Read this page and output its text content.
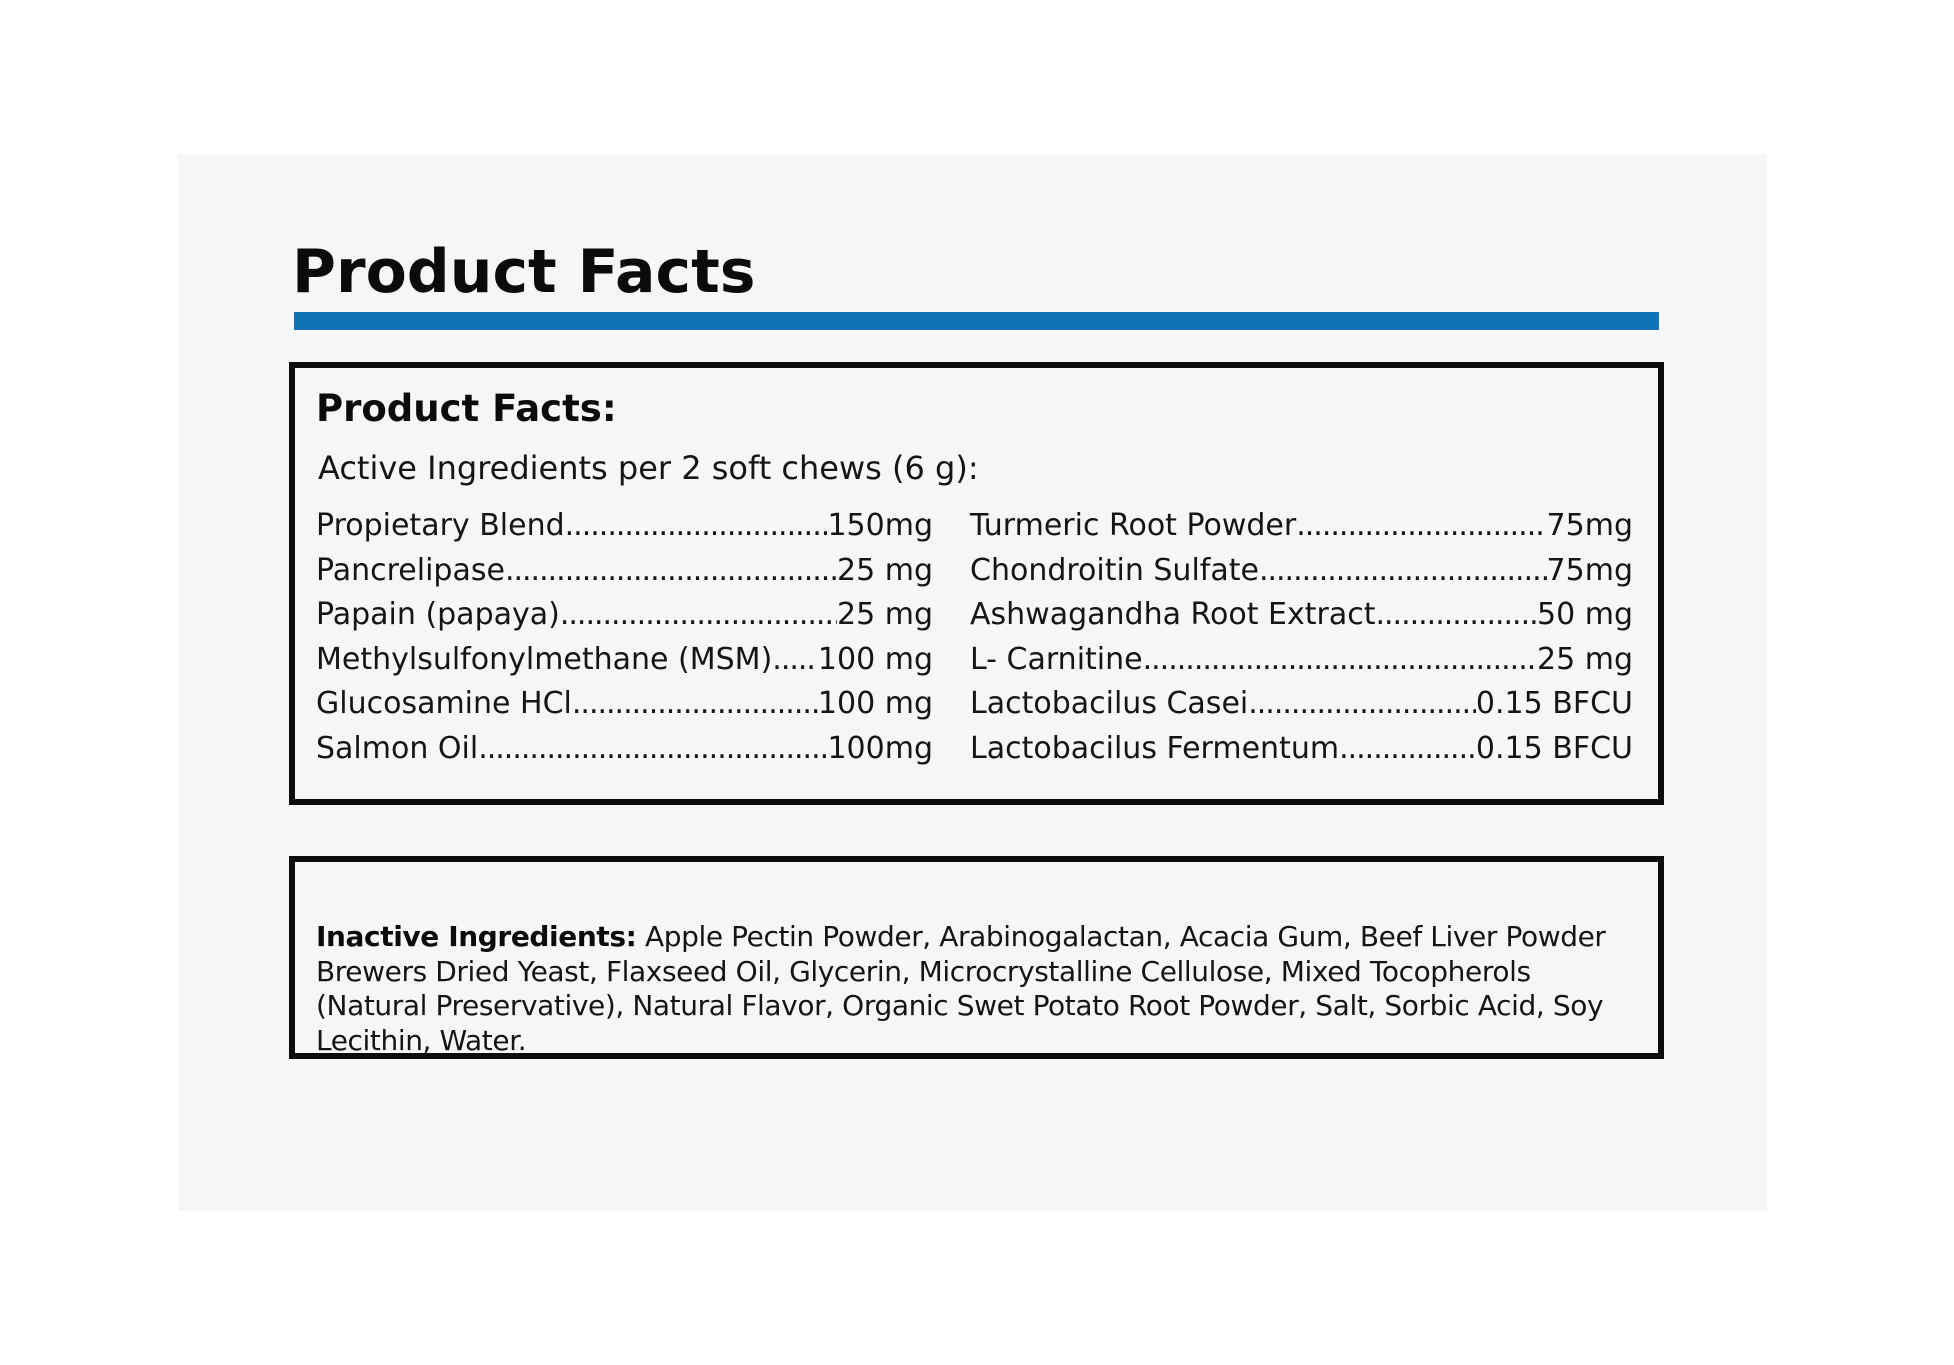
Product Facts
Product Facts:
Active Ingredients per 2 soft chews (6 g):
Propietary Blend .....	150mg
Pancrelipase .....	25 mg
Papain (papaya) .....	25 mg
Methylsulfonylmethane (MSM) ..... 100 mg
Glucosamine HCl .....	100 mg
Salmon Oil .....	100mg
Turmeric Root Powder .....	75mg
Chondroitin Sulfate .....	75mg
Ashwagandha Root Extract .....	50 mg
L- Carnitine .....	25 mg
Lactobacilus Casei .....	0.15 BFCU
Lactobacilus Fermentum .....	0.15 BFCU

Inactive Ingredients: Apple Pectin Powder, Arabinogalactan, Acacia Gum, Beef Liver Powder Brewers Dried Yeast, Flaxseed Oil, Glycerin, Microcrystalline Cellulose, Mixed Tocopherols (Natural Preservative), Natural Flavor, Organic Swet Potato Root Powder, Salt, Sorbic Acid, Soy Lecithin, Water.
